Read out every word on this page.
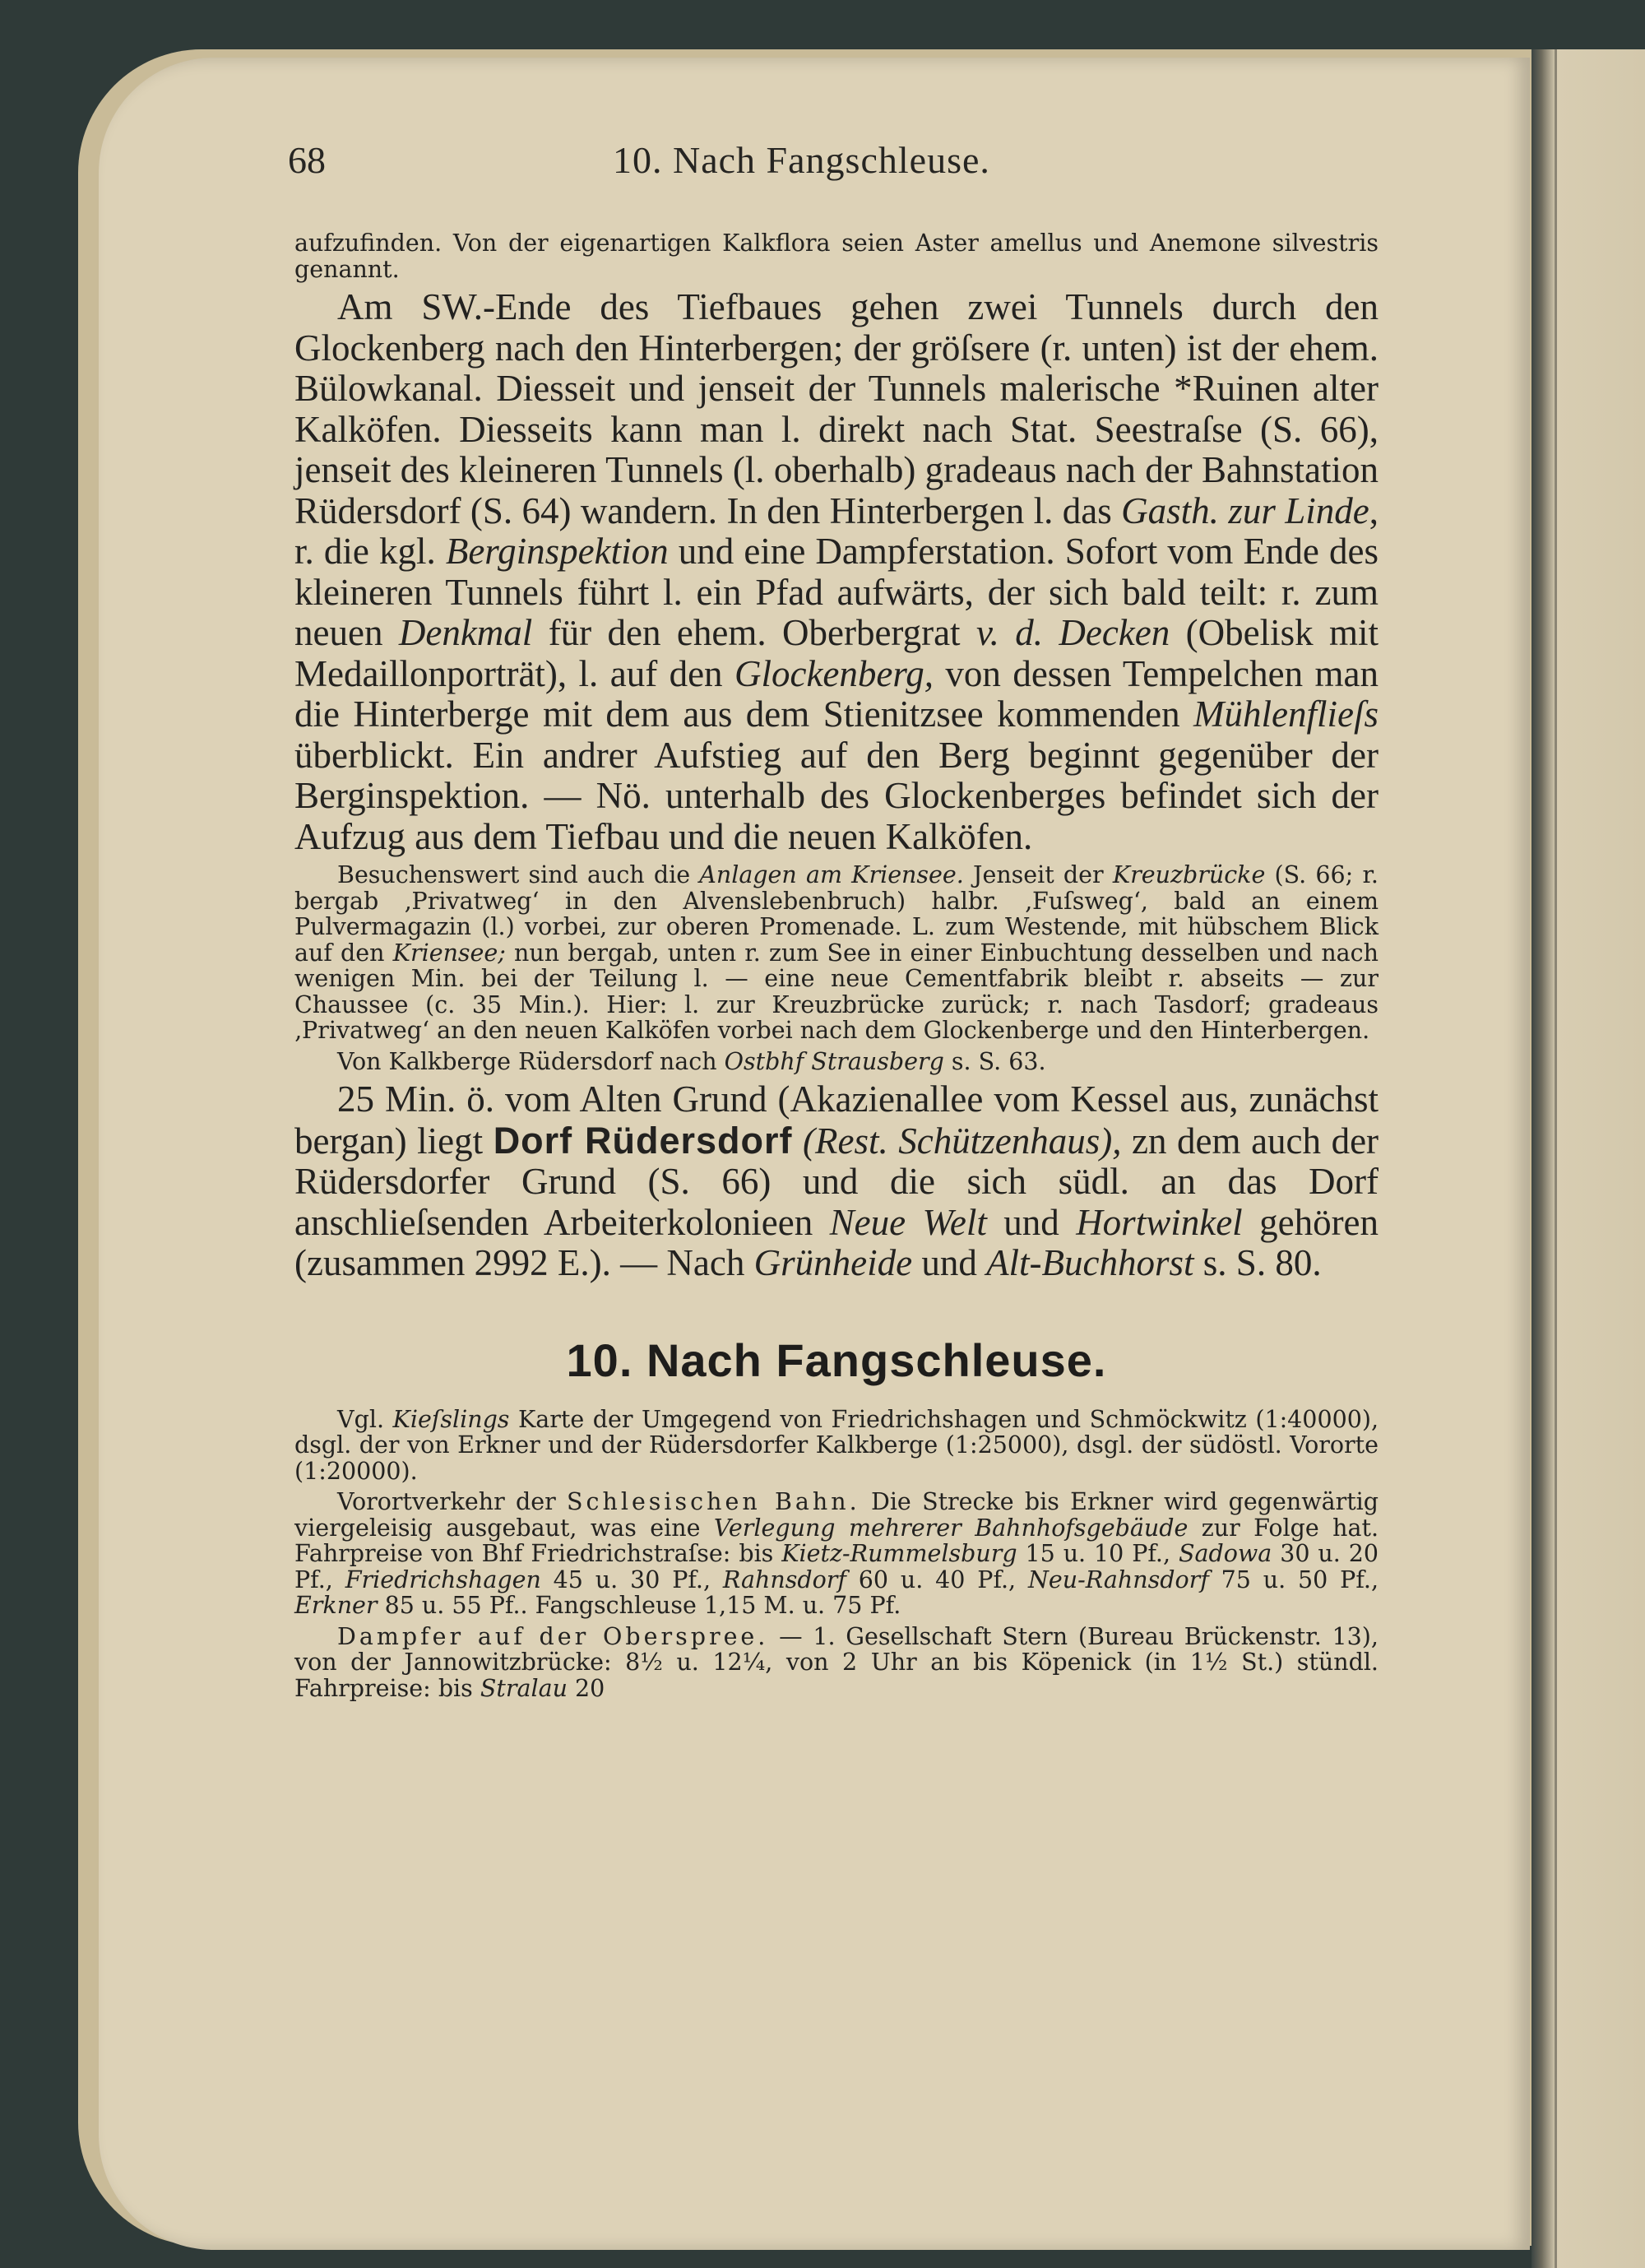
68	10. Nach Fangschleuse.

aufzufinden. Von der eigenartigen Kalkflora seien Aster amellus und Anemone silvestris genannt.

Am SW.-Ende des Tiefbaues gehen zwei Tunnels durch den Glockenberg nach den Hinterbergen; der gröſsere (r. unten) ist der ehem. Bülowkanal. Diesseit und jenseit der Tunnels malerische *Ruinen alter Kalköfen. Diesseits kann man l. direkt nach Stat. Seestraſse (S. 66), jenseit des kleineren Tunnels (l. oberhalb) gradeaus nach der Bahnstation Rüdersdorf (S. 64) wandern. In den Hinterbergen l. das Gasth. zur Linde, r. die kgl. Berginspektion und eine Dampferstation. Sofort vom Ende des kleineren Tunnels führt l. ein Pfad aufwärts, der sich bald teilt: r. zum neuen Denkmal für den ehem. Oberbergrat v. d. Decken (Obelisk mit Medaillonporträt), l. auf den Glockenberg, von dessen Tempelchen man die Hinterberge mit dem aus dem Stienitzsee kommenden Mühlenflieſs überblickt. Ein andrer Aufstieg auf den Berg beginnt gegenüber der Berginspektion. — Nö. unterhalb des Glockenberges befindet sich der Aufzug aus dem Tiefbau und die neuen Kalköfen.

Besuchenswert sind auch die Anlagen am Kriensee. Jenseit der Kreuzbrücke (S. 66; r. bergab ‚Privatweg‘ in den Alvenslebenbruch) halbr. ‚Fuſsweg‘, bald an einem Pulvermagazin (l.) vorbei, zur oberen Promenade. L. zum Westende, mit hübschem Blick auf den Kriensee; nun bergab, unten r. zum See in einer Einbuchtung desselben und nach wenigen Min. bei der Teilung l. — eine neue Cementfabrik bleibt r. abseits — zur Chaussee (c. 35 Min.). Hier: l. zur Kreuzbrücke zurück; r. nach Tasdorf; gradeaus ‚Privatweg‘ an den neuen Kalköfen vorbei nach dem Glockenberge und den Hinterbergen.

Von Kalkberge Rüdersdorf nach Ostbhf Strausberg s. S. 63.

25 Min. ö. vom Alten Grund (Akazienallee vom Kessel aus, zunächst bergan) liegt Dorf Rüdersdorf (Rest. Schützenhaus), zn dem auch der Rüdersdorfer Grund (S. 66) und die sich südl. an das Dorf anschlieſsenden Arbeiterkolonieen Neue Welt und Hortwinkel gehören (zusammen 2992 E.). — Nach Grünheide und Alt-Buchhorst s. S. 80.

10. Nach Fangschleuse.

Vgl. Kieſslings Karte der Umgegend von Friedrichshagen und Schmöckwitz (1:40000), dsgl. der von Erkner und der Rüdersdorfer Kalkberge (1:25000), dsgl. der südöstl. Vororte (1:20000).

Vorortverkehr der Schlesischen Bahn. Die Strecke bis Erkner wird gegenwärtig viergeleisig ausgebaut, was eine Verlegung mehrerer Bahnhofsgebäude zur Folge hat. Fahrpreise von Bhf Friedrichstraſse: bis Kietz-Rummelsburg 15 u. 10 Pf., Sadowa 30 u. 20 Pf., Friedrichshagen 45 u. 30 Pf., Rahnsdorf 60 u. 40 Pf., Neu-Rahnsdorf 75 u. 50 Pf., Erkner 85 u. 55 Pf.. Fangschleuse 1,15 M. u. 75 Pf.

Dampfer auf der Oberspree. — 1. Gesellschaft Stern (Bureau Brückenstr. 13), von der Jannowitzbrücke: 8½ u. 12¼, von 2 Uhr an bis Köpenick (in 1½ St.) stündl. Fahrpreise: bis Stralau 20
